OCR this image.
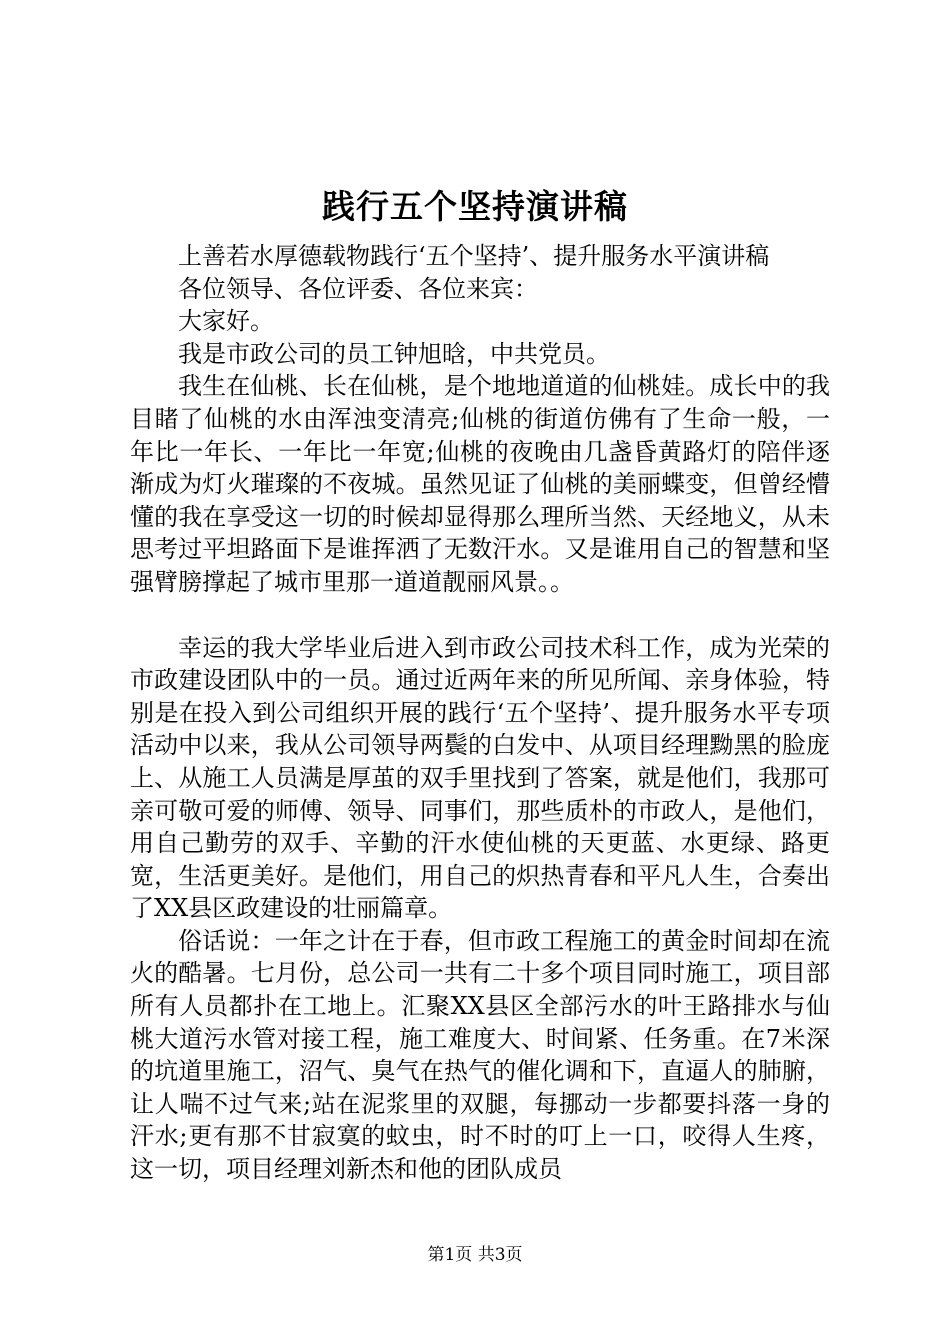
践行五个坚持演讲稿

上善若水厚德载物践行‘五个坚持’、提升服务水平演讲稿

各位领导、各位评委、各位来宾：

大家好。

我是市政公司的员工钟旭晗，中共党员。

我生在仙桃、长在仙桃，是个地地道道的仙桃娃。成长中的我目睹了仙桃的水由浑浊变清亮;仙桃的街道仿佛有了生命一般，一年比一年长、一年比一年宽;仙桃的夜晚由几盏昏黄路灯的陪伴逐渐成为灯火璀璨的不夜城。虽然见证了仙桃的美丽蝶变，但曾经懵懂的我在享受这一切的时候却显得那么理所当然、天经地义，从未思考过平坦路面下是谁挥洒了无数汗水。又是谁用自己的智慧和坚强臂膀撑起了城市里那一道道靓丽风景。。

幸运的我大学毕业后进入到市政公司技术科工作，成为光荣的市政建设团队中的一员。通过近两年来的所见所闻、亲身体验，特别是在投入到公司组织开展的践行‘五个坚持’、提升服务水平专项活动中以来，我从公司领导两鬓的白发中、从项目经理黝黑的脸庞上、从施工人员满是厚茧的双手里找到了答案，就是他们，我那可亲可敬可爱的师傅、领导、同事们，那些质朴的市政人，是他们，用自己勤劳的双手、辛勤的汗水使仙桃的天更蓝、水更绿、路更宽，生活更美好。是他们，用自己的炽热青春和平凡人生，合奏出了XX县区政建设的壮丽篇章。

俗话说：一年之计在于春，但市政工程施工的黄金时间却在流火的酷暑。七月份，总公司一共有二十多个项目同时施工，项目部所有人员都扑在工地上。汇聚XX县区全部污水的叶王路排水与仙桃大道污水管对接工程，施工难度大、时间紧、任务重。在7米深的坑道里施工，沼气、臭气在热气的催化调和下，直逼人的肺腑，让人喘不过气来;站在泥浆里的双腿，每挪动一步都要抖落一身的汗水;更有那不甘寂寞的蚊虫，时不时的叮上一口，咬得人生疼，这一切，项目经理刘新杰和他的团队成员

第1页 共3页
